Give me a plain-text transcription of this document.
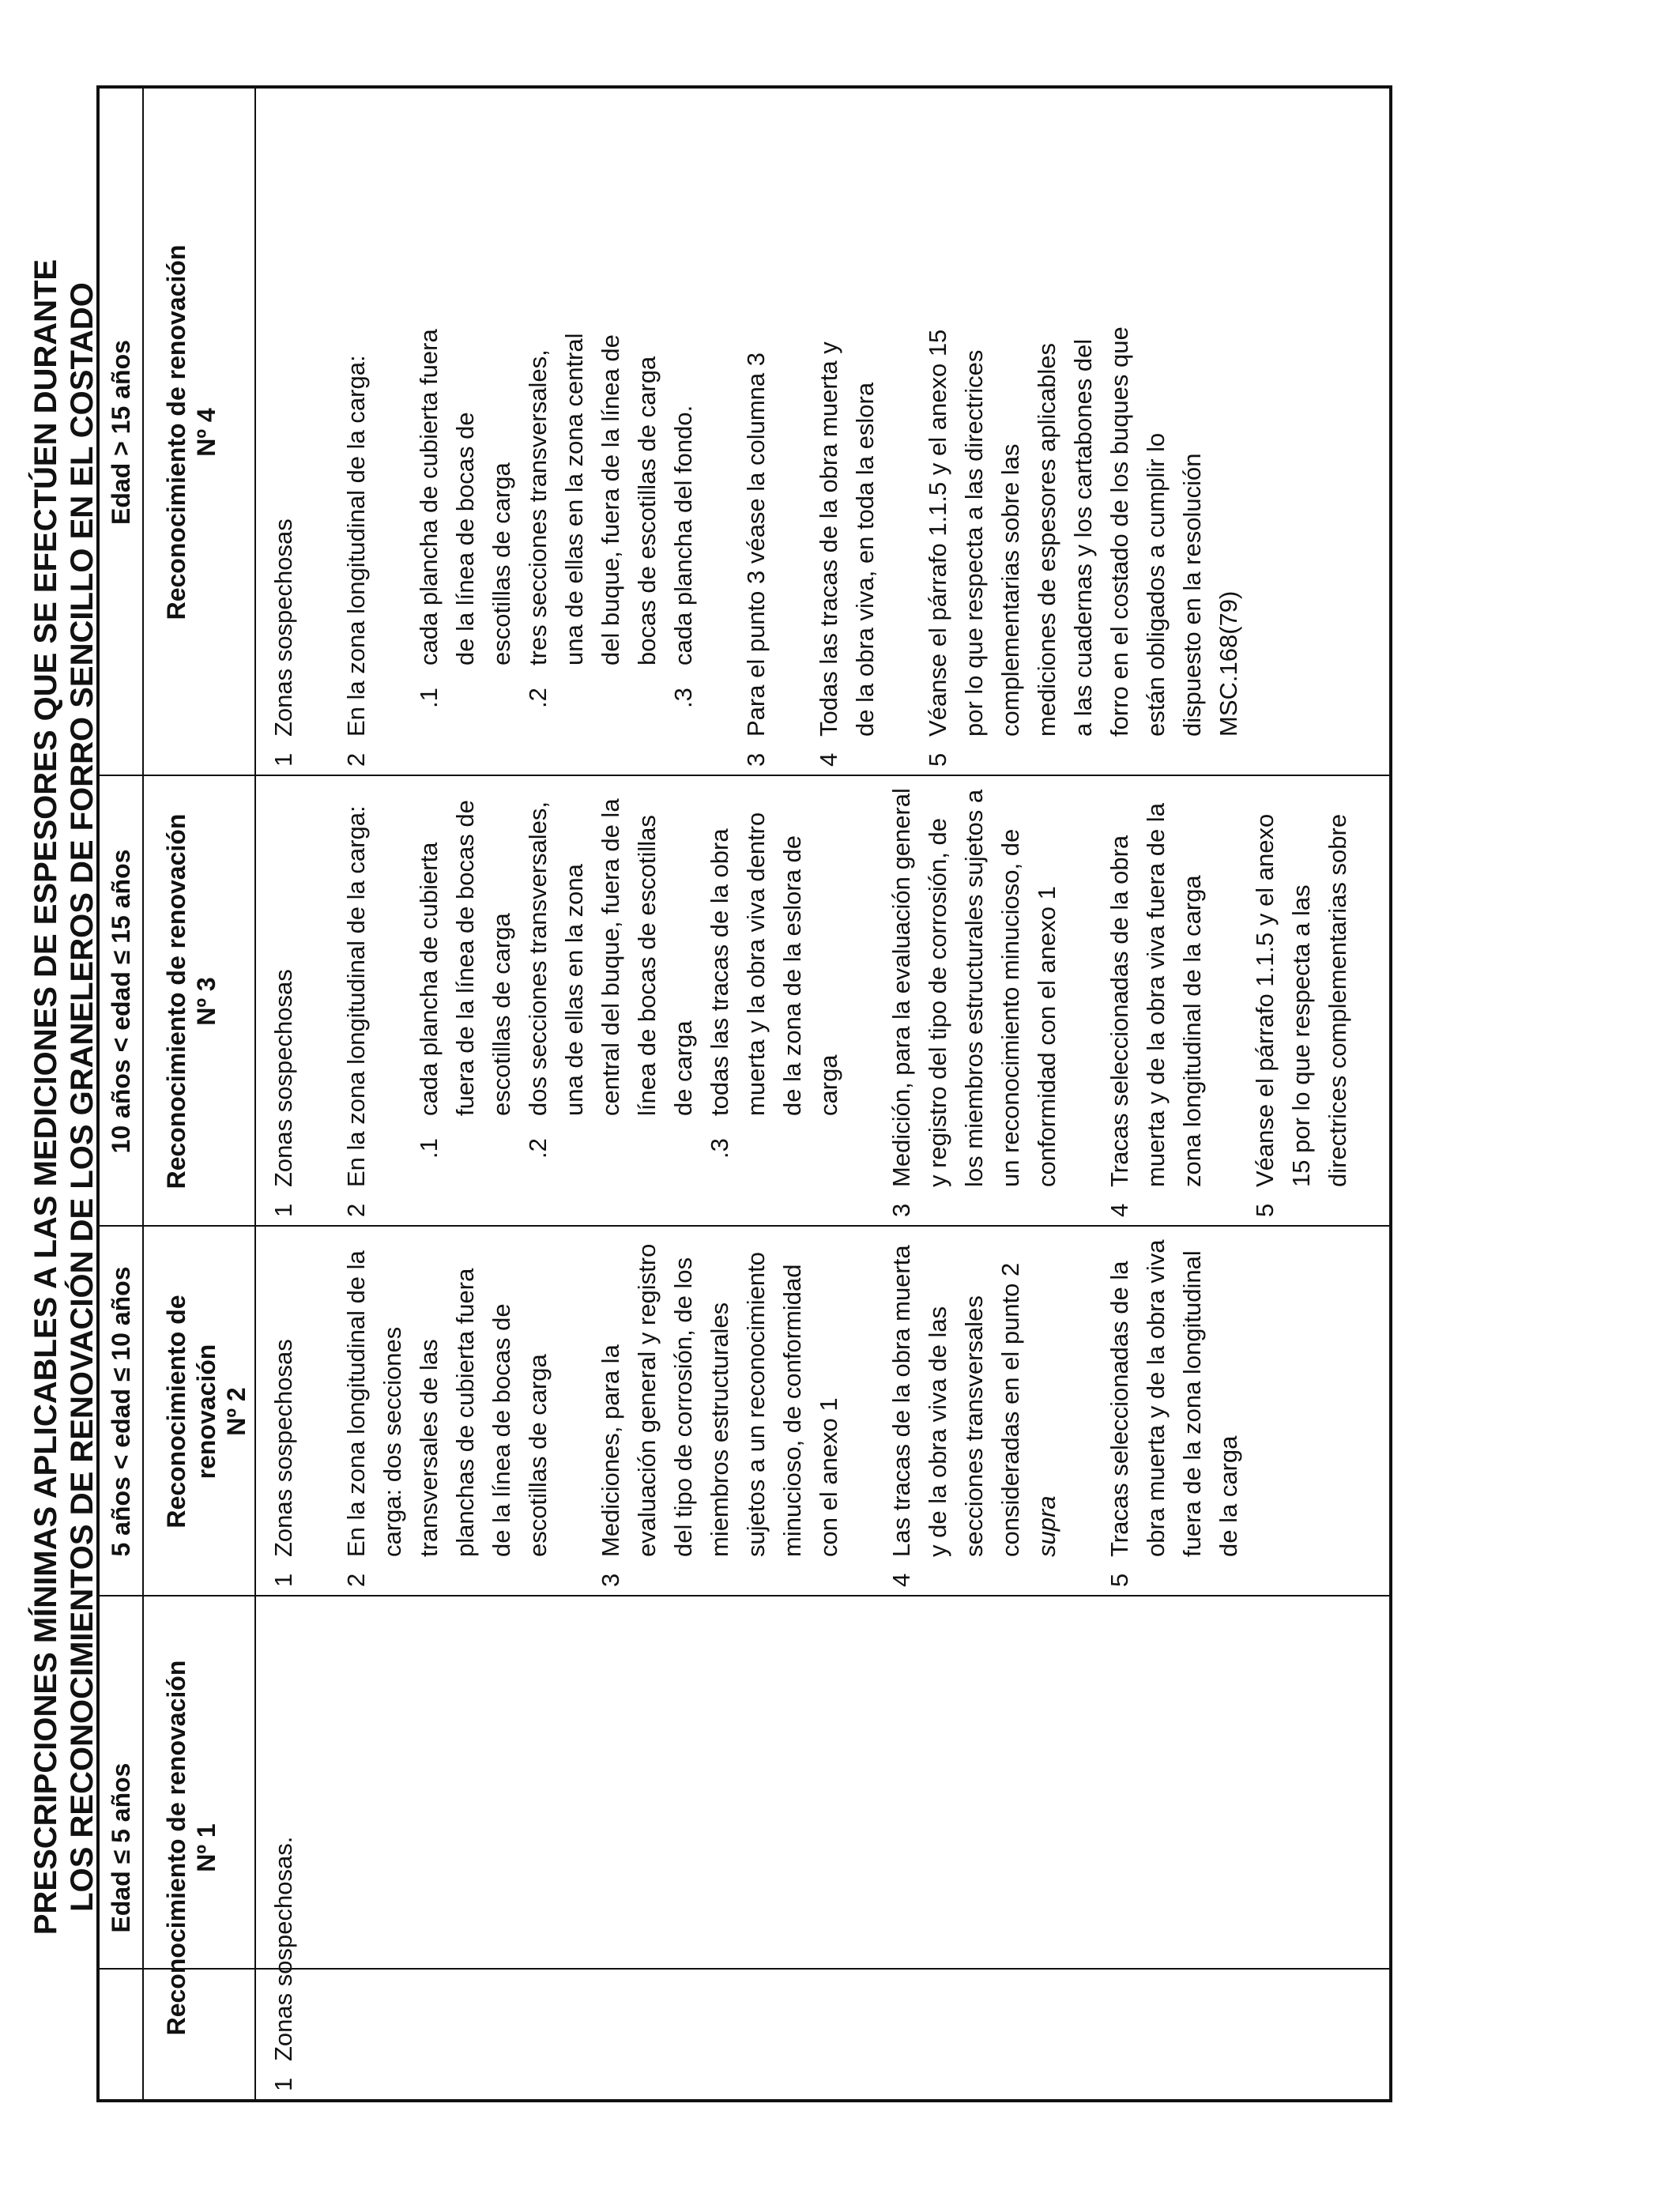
PRESCRIPCIONES MÍNIMAS APLICABLES A LAS MEDICIONES DE ESPESORES QUE SE EFECTÚEN DURANTE LOS RECONOCIMIENTOS DE RENOVACIÓN DE LOS GRANELEROS DE FORRO SENCILLO EN EL COSTADO Edad ≤ 5 años Reconocimiento de renovación Nº 1
1
Zonas sospechosas.
5 años < edad ≤ 10 años Reconocimiento de renovación Nº 2
1
Zonas sospechosas
2
En la zona longitudinal de la carga: dos secciones transversales de las planchas de cubierta fuera de la línea de bocas de escotillas de carga
3
Mediciones, para la evaluación general y registro del tipo de corrosión, de los miembros estructurales sujetos a un reconocimiento minucioso, de conformidad con el anexo 1
4
Las tracas de la obra muerta y de la obra viva de las secciones transversales consideradas en el punto 2 supra
5
Tracas seleccionadas de la obra muerta y de la obra viva fuera de la zona longitudinal de la carga
10 años < edad ≤ 15 años Reconocimiento de renovación Nº 3
1
Zonas sospechosas
2
En la zona longitudinal de la carga: .1
cada plancha de cubierta fuera de la línea de bocas de escotillas de carga
.2
dos secciones transversales, una de ellas en la zona central del buque, fuera de la línea de bocas de escotillas de carga
.3
todas las tracas de la obra muerta y la obra viva dentro de la zona de la eslora de carga
3
Medición, para la evaluación general y registro del tipo de corrosión, de los miembros estructurales sujetos a un reconocimiento minucioso, de conformidad con el anexo 1
4
Tracas seleccionadas de la obra muerta y de la obra viva fuera de la zona longitudinal de la carga
5
Véanse el párrafo 1.1.5 y el anexo 15 por lo que respecta a las directrices complementarias sobre
Edad > 15 años Reconocimiento de renovación Nº 4
1
Zonas sospechosas
2
En la zona longitudinal de la carga: .1
cada plancha de cubierta fuera de la línea de bocas de escotillas de carga
.2
tres secciones transversales, una de ellas en la zona central del buque, fuera de la línea de bocas de escotillas de carga
.3
cada plancha del fondo.
3
Para el punto 3 véase la columna 3
4
Todas las tracas de la obra muerta y de la obra viva, en toda la eslora
5
Véanse el párrafo 1.1.5 y el anexo 15 por lo que respecta a las directrices complementarias sobre las mediciones de espesores aplicables a las cuadernas y los cartabones del forro en el costado de los buques que están obligados a cumplir lo dispuesto en la resolución MSC.168(79)
